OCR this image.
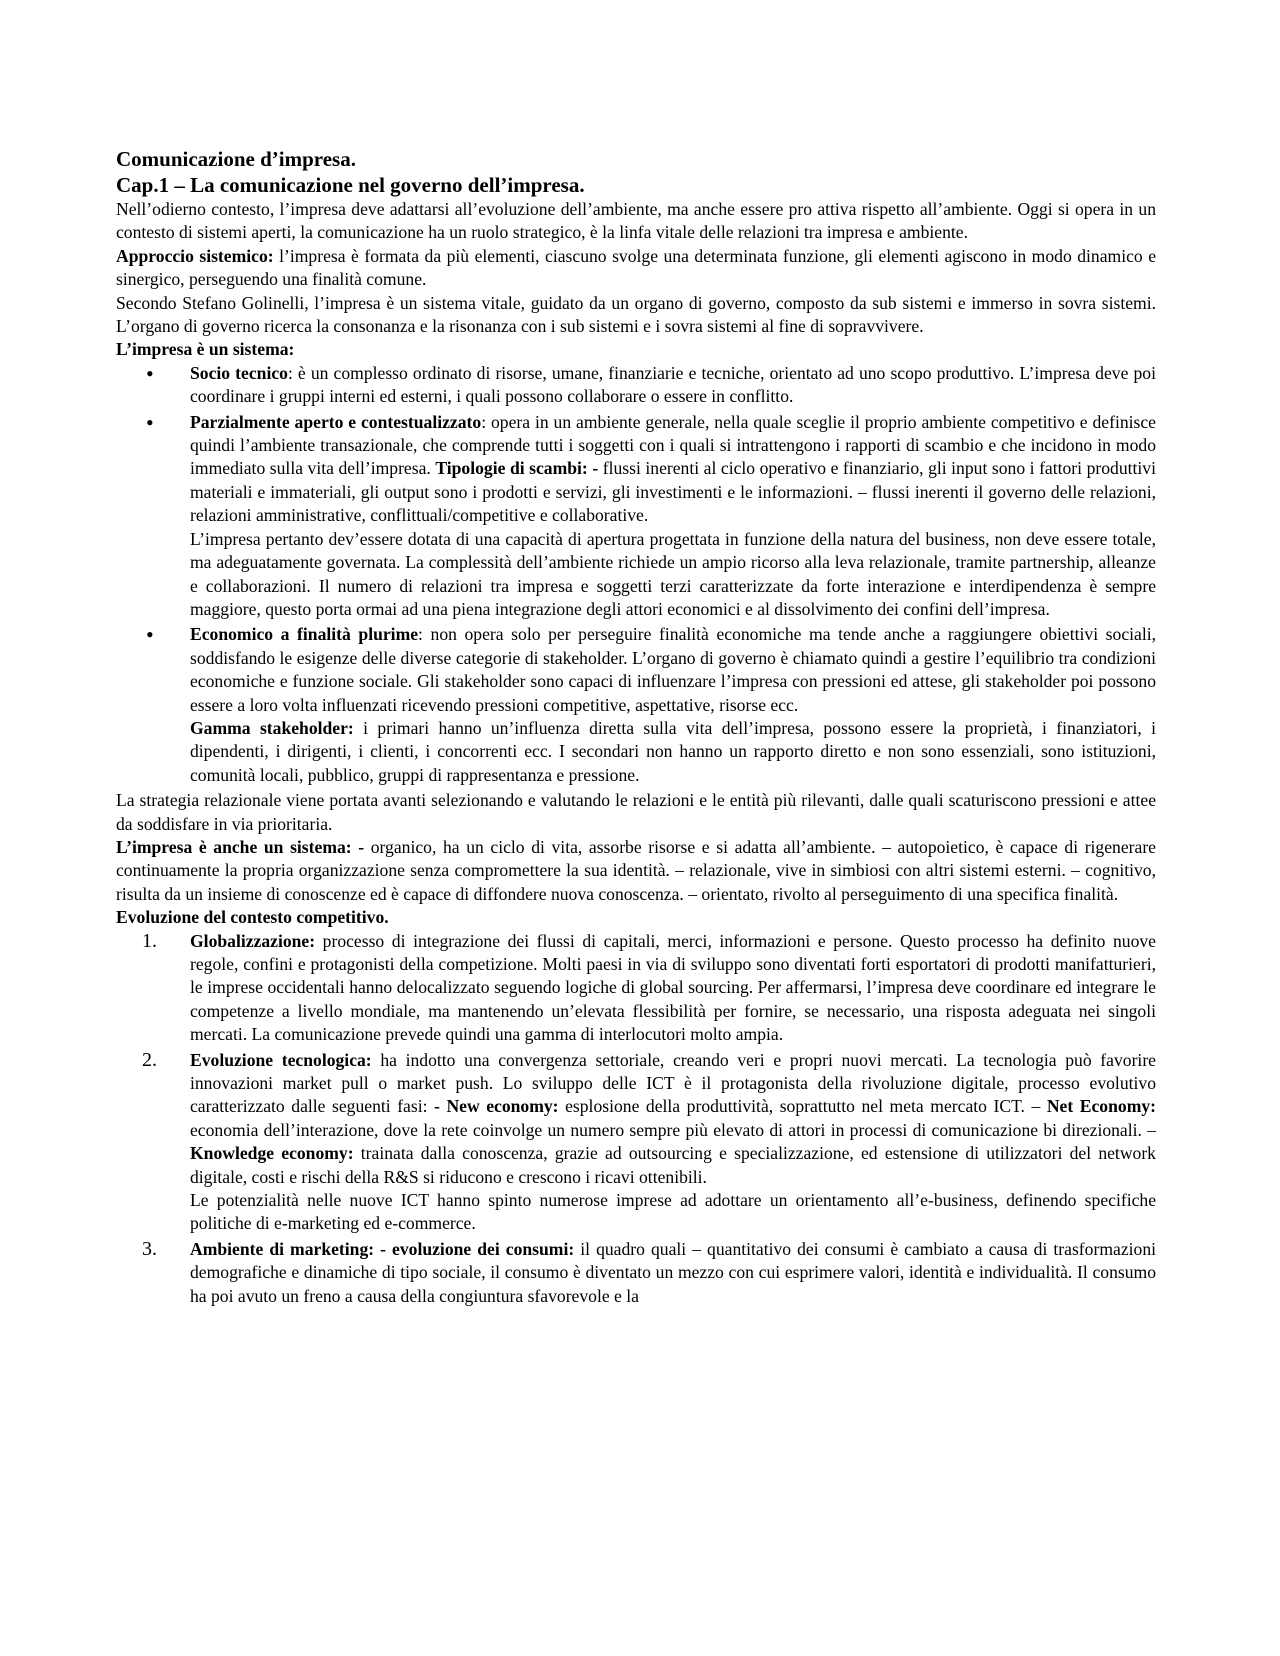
Comunicazione d’impresa.
Cap.1 – La comunicazione nel governo dell’impresa.

Nell’odierno contesto, l’impresa deve adattarsi all’evoluzione dell’ambiente, ma anche essere pro attiva rispetto all’ambiente. Oggi si opera in un contesto di sistemi aperti, la comunicazione ha un ruolo strategico, è la linfa vitale delle relazioni tra impresa e ambiente.

Approccio sistemico: l’impresa è formata da più elementi, ciascuno svolge una determinata funzione, gli elementi agiscono in modo dinamico e sinergico, perseguendo una finalità comune.

Secondo Stefano Golinelli, l’impresa è un sistema vitale, guidato da un organo di governo, composto da sub sistemi e immerso in sovra sistemi. L’organo di governo ricerca la consonanza e la risonanza con i sub sistemi e i sovra sistemi al fine di sopravvivere.

L’impresa è un sistema:

•	Socio tecnico: è un complesso ordinato di risorse, umane, finanziarie e tecniche, orientato ad uno scopo produttivo. L’impresa deve poi coordinare i gruppi interni ed esterni, i quali possono collaborare o essere in conflitto.

•	Parzialmente aperto e contestualizzato: opera in un ambiente generale, nella quale sceglie il proprio ambiente competitivo e definisce quindi l’ambiente transazionale, che comprende tutti i soggetti con i quali si intrattengono i rapporti di scambio e che incidono in modo immediato sulla vita dell’impresa. Tipologie di scambi: - flussi inerenti al ciclo operativo e finanziario, gli input sono i fattori produttivi materiali e immateriali, gli output sono i prodotti e servizi, gli investimenti e le informazioni. – flussi inerenti il governo delle relazioni, relazioni amministrative, conflittuali/competitive e collaborative.

L’impresa pertanto dev’essere dotata di una capacità di apertura progettata in funzione della natura del business, non deve essere totale, ma adeguatamente governata. La complessità dell’ambiente richiede un ampio ricorso alla leva relazionale, tramite partnership, alleanze e collaborazioni. Il numero di relazioni tra impresa e soggetti terzi caratterizzate da forte interazione e interdipendenza è sempre maggiore, questo porta ormai ad una piena integrazione degli attori economici e al dissolvimento dei confini dell’impresa.

•	Economico a finalità plurime: non opera solo per perseguire finalità economiche ma tende anche a raggiungere obiettivi sociali, soddisfando le esigenze delle diverse categorie di stakeholder. L’organo di governo è chiamato quindi a gestire l’equilibrio tra condizioni economiche e funzione sociale. Gli stakeholder sono capaci di influenzare l’impresa con pressioni ed attese, gli stakeholder poi possono essere a loro volta influenzati ricevendo pressioni competitive, aspettative, risorse ecc.

Gamma stakeholder: i primari hanno un’influenza diretta sulla vita dell’impresa, possono essere la proprietà, i finanziatori, i dipendenti, i dirigenti, i clienti, i concorrenti ecc. I secondari non hanno un rapporto diretto e non sono essenziali, sono istituzioni, comunità locali, pubblico, gruppi di rappresentanza e pressione.

La strategia relazionale viene portata avanti selezionando e valutando le relazioni e le entità più rilevanti, dalle quali scaturiscono pressioni e attee da soddisfare in via prioritaria.

L’impresa è anche un sistema: - organico, ha un ciclo di vita, assorbe risorse e si adatta all’ambiente. – autopoietico, è capace di rigenerare continuamente la propria organizzazione senza compromettere la sua identità. – relazionale, vive in simbiosi con altri sistemi esterni. – cognitivo, risulta da un insieme di conoscenze ed è capace di diffondere nuova conoscenza. – orientato, rivolto al perseguimento di una specifica finalità.

Evoluzione del contesto competitivo.

1.	Globalizzazione: processo di integrazione dei flussi di capitali, merci, informazioni e persone. Questo processo ha definito nuove regole, confini e protagonisti della competizione. Molti paesi in via di sviluppo sono diventati forti esportatori di prodotti manifatturieri, le imprese occidentali hanno delocalizzato seguendo logiche di global sourcing. Per affermarsi, l’impresa deve coordinare ed integrare le competenze a livello mondiale, ma mantenendo un’elevata flessibilità per fornire, se necessario, una risposta adeguata nei singoli mercati. La comunicazione prevede quindi una gamma di interlocutori molto ampia.

2.	Evoluzione tecnologica: ha indotto una convergenza settoriale, creando veri e propri nuovi mercati. La tecnologia può favorire innovazioni market pull o market push. Lo sviluppo delle ICT è il protagonista della rivoluzione digitale, processo evolutivo caratterizzato dalle seguenti fasi: - New economy: esplosione della produttività, soprattutto nel meta mercato ICT. – Net Economy: economia dell’interazione, dove la rete coinvolge un numero sempre più elevato di attori in processi di comunicazione bi direzionali. – Knowledge economy: trainata dalla conoscenza, grazie ad outsourcing e specializzazione, ed estensione di utilizzatori del network digitale, costi e rischi della R&S si riducono e crescono i ricavi ottenibili.

Le potenzialità nelle nuove ICT hanno spinto numerose imprese ad adottare un orientamento all’e-business, definendo specifiche politiche di e-marketing ed e-commerce.

3.	Ambiente di marketing: - evoluzione dei consumi: il quadro quali – quantitativo dei consumi è cambiato a causa di trasformazioni demografiche e dinamiche di tipo sociale, il consumo è diventato un mezzo con cui esprimere valori, identità e individualità. Il consumo ha poi avuto un freno a causa della congiuntura sfavorevole e la
